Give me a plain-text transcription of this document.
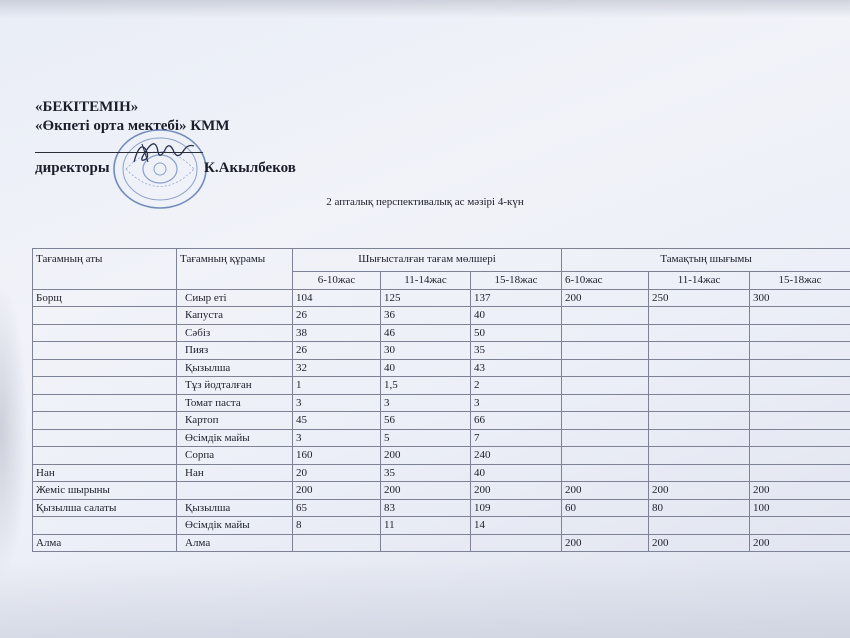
«БЕКІТЕМІН»
«Өкпеті орта мектебі» КММ
директоры	К.Акылбеков
2 апталық перспективалық ас мәзірі 4-күн
Тағамның аты	Тағамның құрамы	Шығысталған тағам мөлшері			Тамақтың шығымы		
		6-10жас	11-14жас	15-18жас	6-10жас	11-14жас	15-18жас
Борщ	Сиыр еті	104	125	137	200	250	300
	Капуста	26	36	40			
	Сәбіз	38	46	50			
	Пияз	26	30	35			
	Қызылша	32	40	43			
	Тұз йодталған	1	1,5	2			
	Томат паста	3	3	3			
	Картоп	45	56	66			
	Өсімдік майы	3	5	7			
	Сорпа	160	200	240			
Нан	Нан	20	35	40			
Жеміс шырыны		200	200	200	200	200	200
Қызылша салаты	Қызылша	65	83	109	60	80	100
	Өсімдік майы	8	11	14			
Алма	Алма				200	200	200
